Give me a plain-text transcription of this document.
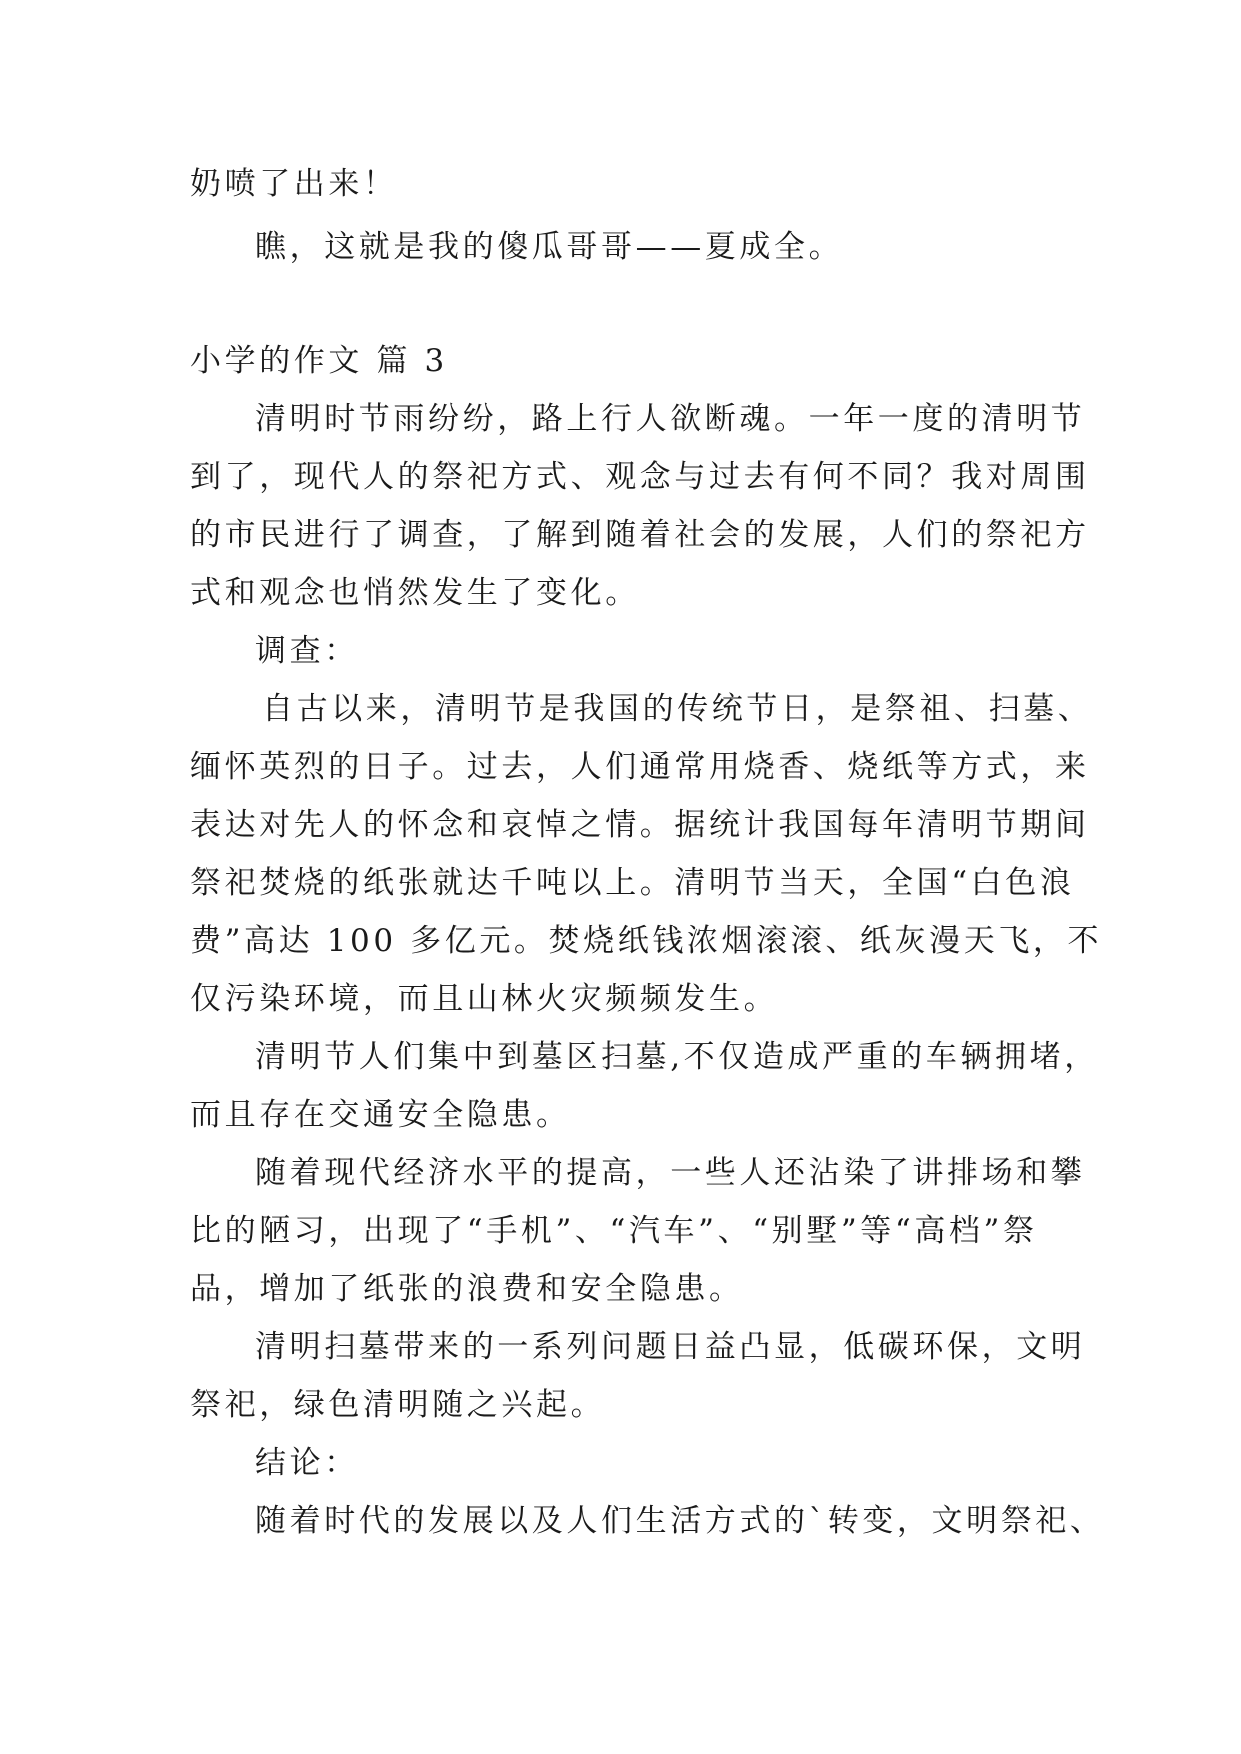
奶喷了出来！
瞧，这就是我的傻瓜哥哥——夏成全。
小学的作文 篇 3
清明时节雨纷纷，路上行人欲断魂。一年一度的清明节
到了，现代人的祭祀方式、观念与过去有何不同？我对周围
的市民进行了调查，了解到随着社会的发展，人们的祭祀方
式和观念也悄然发生了变化。
调查：
自古以来，清明节是我国的传统节日，是祭祖、扫墓、
缅怀英烈的日子。过去，人们通常用烧香、烧纸等方式，来
表达对先人的怀念和哀悼之情。据统计我国每年清明节期间
祭祀焚烧的纸张就达千吨以上。清明节当天，全国“白色浪
费”高达 100 多亿元。焚烧纸钱浓烟滚滚、纸灰漫天飞，不
仅污染环境，而且山林火灾频频发生。
清明节人们集中到墓区扫墓,不仅造成严重的车辆拥堵，
而且存在交通安全隐患。
随着现代经济水平的提高，一些人还沾染了讲排场和攀
比的陋习，出现了“手机”、“汽车”、“别墅”等“高档”祭
品，增加了纸张的浪费和安全隐患。
清明扫墓带来的一系列问题日益凸显，低碳环保，文明
祭祀，绿色清明随之兴起。
结论：
随着时代的发展以及人们生活方式的`转变，文明祭祀、
